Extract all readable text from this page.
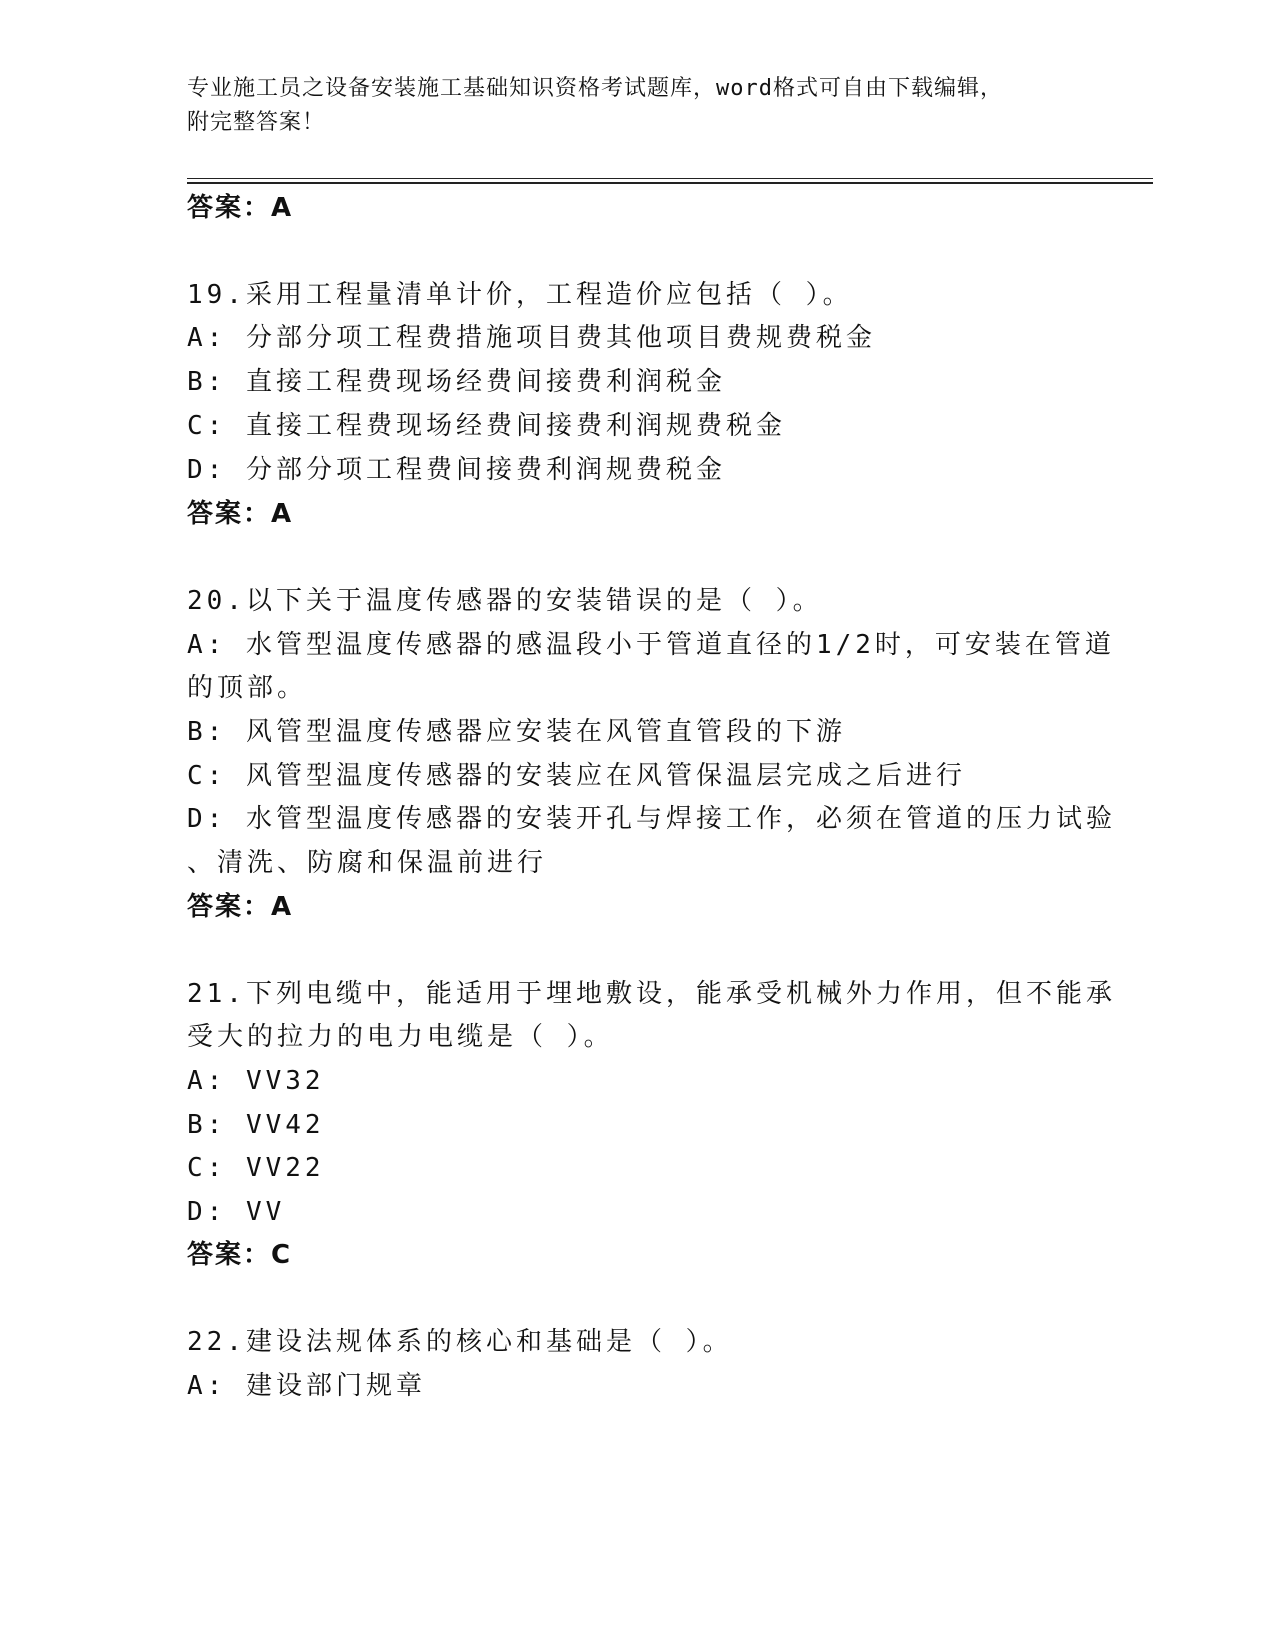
专业施工员之设备安装施工基础知识资格考试题库，word格式可自由下载编辑，
附完整答案！
答案：A
19.采用工程量清单计价，工程造价应包括（ ）。
A: 分部分项工程费措施项目费其他项目费规费税金
B: 直接工程费现场经费间接费利润税金
C: 直接工程费现场经费间接费利润规费税金
D: 分部分项工程费间接费利润规费税金
答案：A
20.以下关于温度传感器的安装错误的是（ ）。
A: 水管型温度传感器的感温段小于管道直径的1/2时，可安装在管道
的顶部。
B: 风管型温度传感器应安装在风管直管段的下游
C: 风管型温度传感器的安装应在风管保温层完成之后进行
D: 水管型温度传感器的安装开孔与焊接工作，必须在管道的压力试验
、清洗、防腐和保温前进行
答案：A
21.下列电缆中，能适用于埋地敷设，能承受机械外力作用，但不能承
受大的拉力的电力电缆是（ ）。
A: VV32
B: VV42
C: VV22
D: VV
答案：C
22.建设法规体系的核心和基础是（ ）。
A: 建设部门规章
